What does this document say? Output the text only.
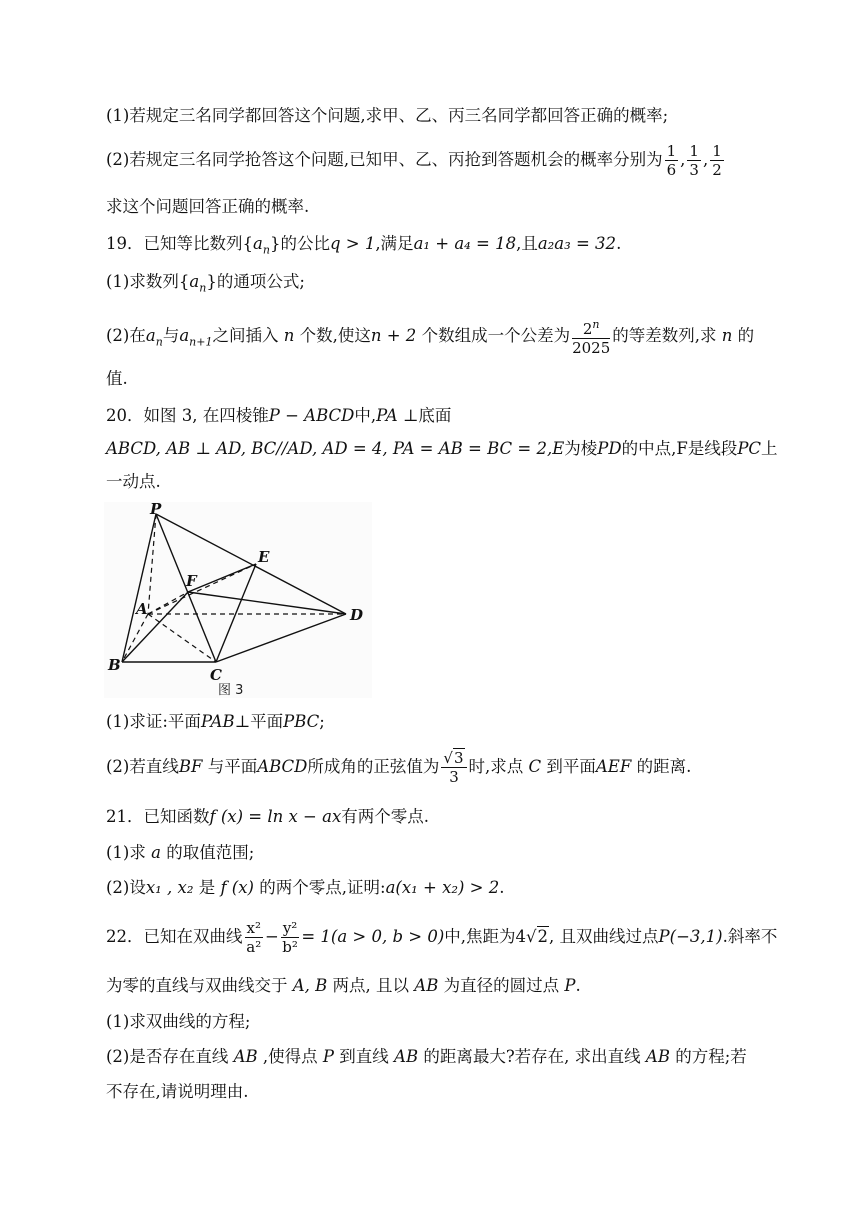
(1)若规定三名同学都回答这个问题,求甲、乙、丙三名同学都回答正确的概率;
(2)若规定三名同学抢答这个问题,已知甲、乙、丙抢到答题机会的概率分别为 $\frac{1}{6}$ , $\frac{1}{3}$ , $\frac{1}{2}$
求这个问题回答正确的概率.
19．已知等比数列$\{a_n\}$的公比q > 1,满足a₁ + a₄ = 18,且a₂a₃ = 32.
(1)求数列$\{a_n\}$的通项公式;
(2)在$a_n$与$a_{n+1}$之间插入 n 个数,使这n + 2 个数组成一个公差为 $\frac{2^n}{2025}$ 的等差数列,求 n 的
值.
20．如图 3, 在四棱锥P − ABCD中,PA ⊥底面
ABCD, AB ⊥ AD, BC//AD, AD = 4, PA = AB = BC = 2,E为棱PD的中点,F是线段PC上
一动点.
P
A
B
C
D
E
F
图 3
(1)求证:平面PAB⊥平面PBC;
(2)若直线BF 与平面ABCD所成角的正弦值为 $\frac{√3}{3}$ 时,求点 C 到平面AEF 的距离.
21．已知函数f (x) = ln x − ax有两个零点.
(1)求 a 的取值范围;
(2)设x₁ , x₂ 是 f (x) 的两个零点,证明:a(x₁ + x₂) > 2.
22．已知在双曲线 $\frac{\text{x²}}{\text{a²}} - \frac{\text{y²}}{\text{b²}} = 1(a > 0$, b > 0)中,焦距为4√2, 且双曲线过点P(−3,1).斜率不
为零的直线与双曲线交于 A, B 两点, 且以 AB 为直径的圆过点 P.
(1)求双曲线的方程;
(2)是否存在直线 AB ,使得点 P 到直线 AB 的距离最大?若存在, 求出直线 AB 的方程;若
不存在,请说明理由.
